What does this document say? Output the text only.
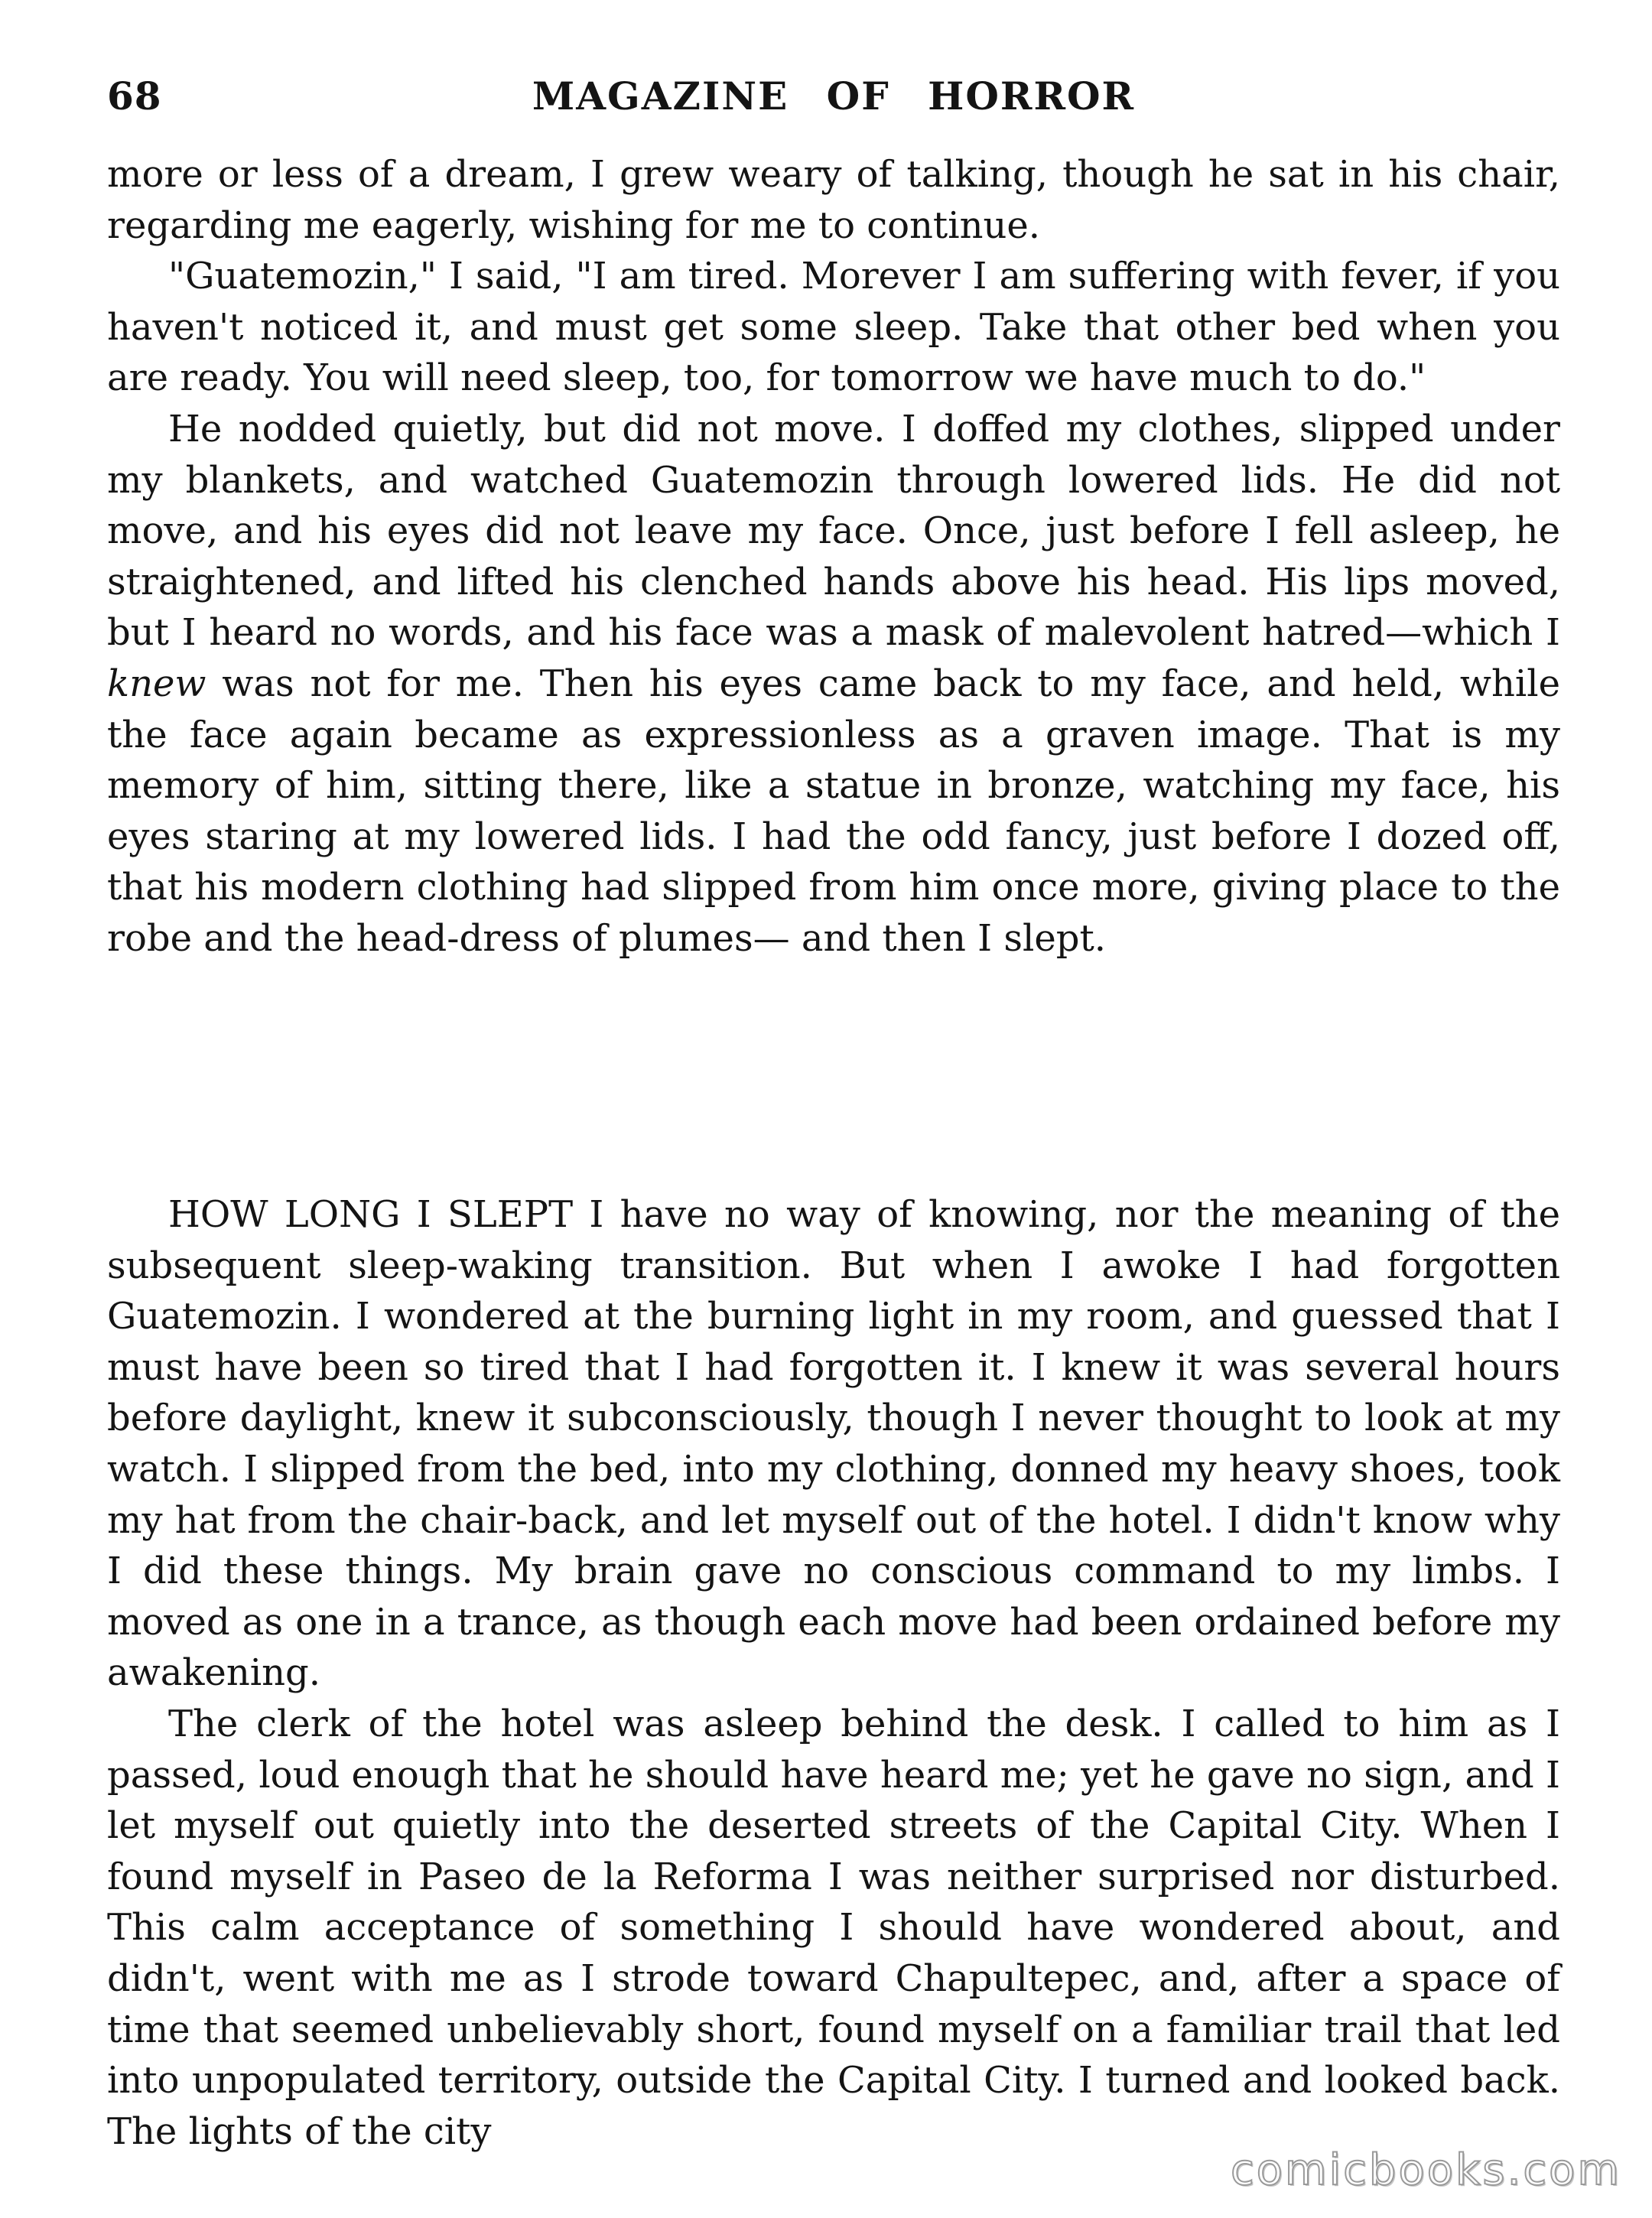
68	MAGAZINE OF HORROR

more or less of a dream, I grew weary of talking, though he sat in his chair, regarding me eagerly, wishing for me to continue.

"Guatemozin," I said, "I am tired. Morever I am suffering with fever, if you haven't noticed it, and must get some sleep. Take that other bed when you are ready. You will need sleep, too, for tomorrow we have much to do."

He nodded quietly, but did not move. I doffed my clothes, slipped under my blankets, and watched Guatemozin through lowered lids. He did not move, and his eyes did not leave my face. Once, just before I fell asleep, he straightened, and lifted his clenched hands above his head. His lips moved, but I heard no words, and his face was a mask of malevolent hatred—which I knew was not for me. Then his eyes came back to my face, and held, while the face again became as expressionless as a graven image. That is my memory of him, sitting there, like a statue in bronze, watching my face, his eyes staring at my lowered lids. I had the odd fancy, just before I dozed off, that his modern clothing had slipped from him once more, giving place to the robe and the head-dress of plumes— and then I slept.

HOW LONG I SLEPT I have no way of knowing, nor the meaning of the subsequent sleep-waking transition. But when I awoke I had forgotten Guatemozin. I wondered at the burning light in my room, and guessed that I must have been so tired that I had forgotten it. I knew it was several hours before daylight, knew it subconsciously, though I never thought to look at my watch. I slipped from the bed, into my clothing, donned my heavy shoes, took my hat from the chair-back, and let myself out of the hotel. I didn't know why I did these things. My brain gave no conscious command to my limbs. I moved as one in a trance, as though each move had been ordained before my awakening.

The clerk of the hotel was asleep behind the desk. I called to him as I passed, loud enough that he should have heard me; yet he gave no sign, and I let myself out quietly into the deserted streets of the Capital City. When I found myself in Paseo de la Reforma I was neither surprised nor disturbed. This calm acceptance of something I should have wondered about, and didn't, went with me as I strode toward Chapultepec, and, after a space of time that seemed unbelievably short, found myself on a familiar trail that led into unpopulated territory, outside the Capital City. I turned and looked back. The lights of the city

comicbooks.com
